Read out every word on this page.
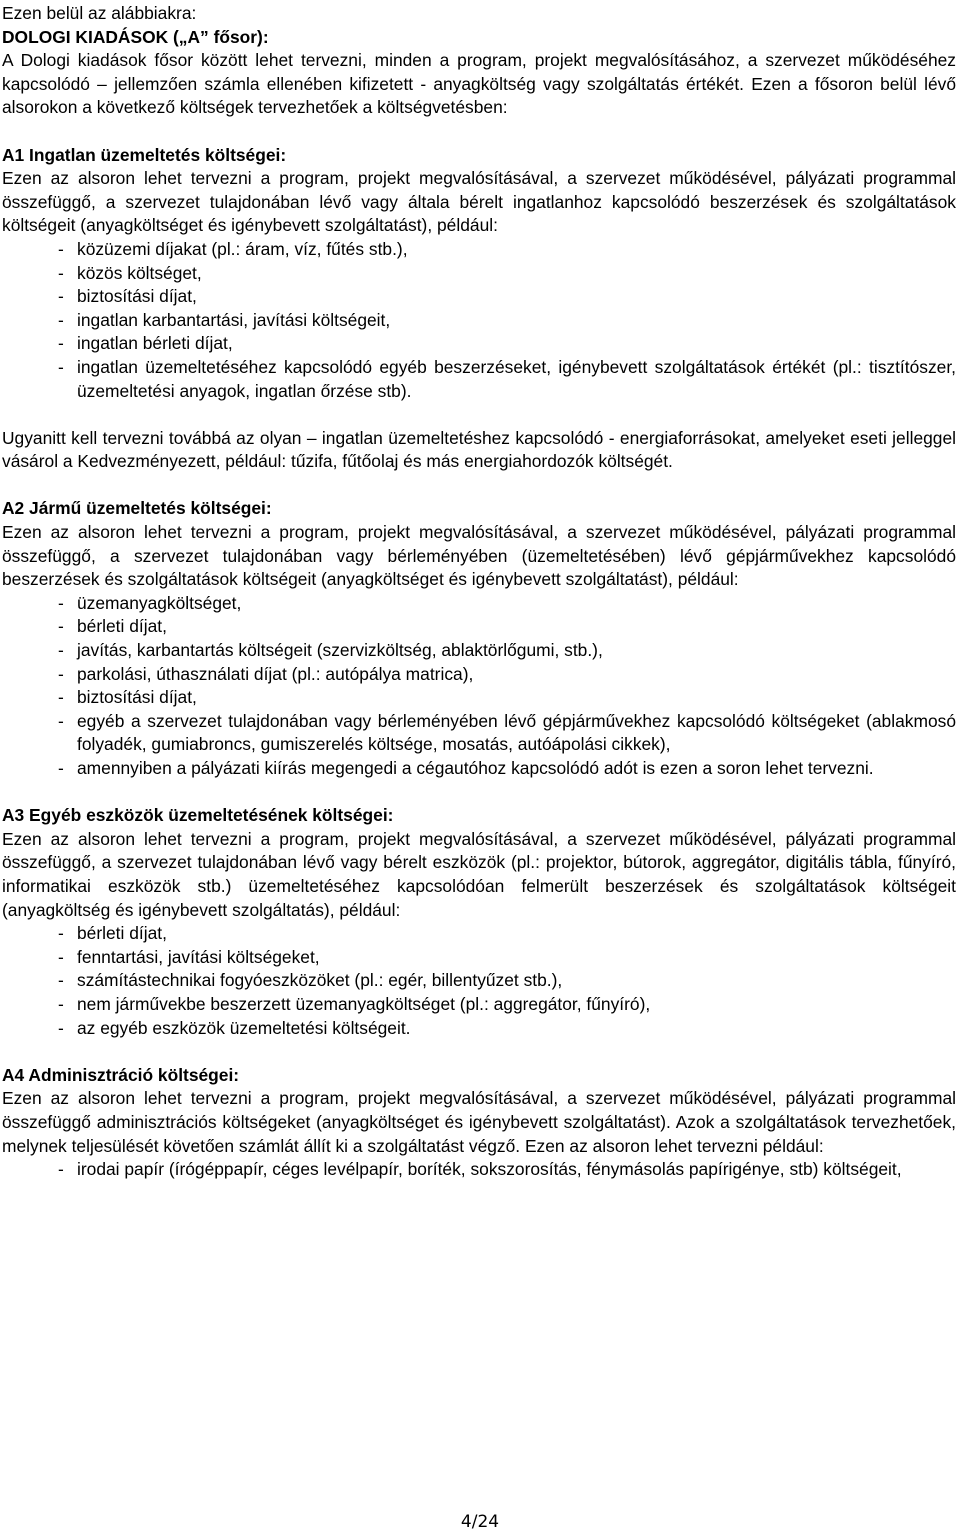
Ezen belül az alábbiakra:

DOLOGI KIADÁSOK („A” fősor):

A Dologi kiadások fősor között lehet tervezni, minden a program, projekt megvalósításához, a szervezet működéséhez kapcsolódó – jellemzően számla ellenében kifizetett - anyagköltség vagy szolgáltatás értékét. Ezen a fősoron belül lévő alsorokon a következő költségek tervezhetőek a költségvetésben:

A1 Ingatlan üzemeltetés költségei:

Ezen az alsoron lehet tervezni a program, projekt megvalósításával, a szervezet működésével, pályázati programmal összefüggő, a szervezet tulajdonában lévő vagy általa bérelt ingatlanhoz kapcsolódó beszerzések és szolgáltatások költségeit (anyagköltséget és igénybevett szolgáltatást), például:

- közüzemi díjakat (pl.: áram, víz, fűtés stb.),
- közös költséget,
- biztosítási díjat,
- ingatlan karbantartási, javítási költségeit,
- ingatlan bérleti díjat,
- ingatlan üzemeltetéséhez kapcsolódó egyéb beszerzéseket, igénybevett szolgáltatások értékét (pl.: tisztítószer, üzemeltetési anyagok, ingatlan őrzése stb).

Ugyanitt kell tervezni továbbá az olyan – ingatlan üzemeltetéshez kapcsolódó - energiaforrásokat, amelyeket eseti jelleggel vásárol a Kedvezményezett, például: tűzifa, fűtőolaj és más energiahordozók költségét.

A2 Jármű üzemeltetés költségei:

Ezen az alsoron lehet tervezni a program, projekt megvalósításával, a szervezet működésével, pályázati programmal összefüggő, a szervezet tulajdonában vagy bérleményében (üzemeltetésében) lévő gépjárművekhez kapcsolódó beszerzések és szolgáltatások költségeit (anyagköltséget és igénybevett szolgáltatást), például:

- üzemanyagköltséget,
- bérleti díjat,
- javítás, karbantartás költségeit (szervizköltség, ablaktörlőgumi, stb.),
- parkolási, úthasználati díjat (pl.: autópálya matrica),
- biztosítási díjat,
- egyéb a szervezet tulajdonában vagy bérleményében lévő gépjárművekhez kapcsolódó költségeket (ablakmosó folyadék, gumiabroncs, gumiszerelés költsége, mosatás, autóápolási cikkek),
- amennyiben a pályázati kiírás megengedi a cégautóhoz kapcsolódó adót is ezen a soron lehet tervezni.

A3 Egyéb eszközök üzemeltetésének költségei:

Ezen az alsoron lehet tervezni a program, projekt megvalósításával, a szervezet működésével, pályázati programmal összefüggő, a szervezet tulajdonában lévő vagy bérelt eszközök (pl.: projektor, bútorok, aggregátor, digitális tábla, fűnyíró, informatikai eszközök stb.) üzemeltetéséhez kapcsolódóan felmerült beszerzések és szolgáltatások költségeit (anyagköltség és igénybevett szolgáltatás), például:

- bérleti díjat,
- fenntartási, javítási költségeket,
- számítástechnikai fogyóeszközöket (pl.: egér, billentyűzet stb.),
- nem járművekbe beszerzett üzemanyagköltséget (pl.: aggregátor, fűnyíró),
- az egyéb eszközök üzemeltetési költségeit.

A4 Adminisztráció költségei:

Ezen az alsoron lehet tervezni a program, projekt megvalósításával, a szervezet működésével, pályázati programmal összefüggő adminisztrációs költségeket (anyagköltséget és igénybevett szolgáltatást). Azok a szolgáltatások tervezhetőek, melynek teljesülését követően számlát állít ki a szolgáltatást végző. Ezen az alsoron lehet tervezni például:

- irodai papír (írógéppapír, céges levélpapír, boríték, sokszorosítás, fénymásolás papírigénye, stb) költségeit,
4/24
